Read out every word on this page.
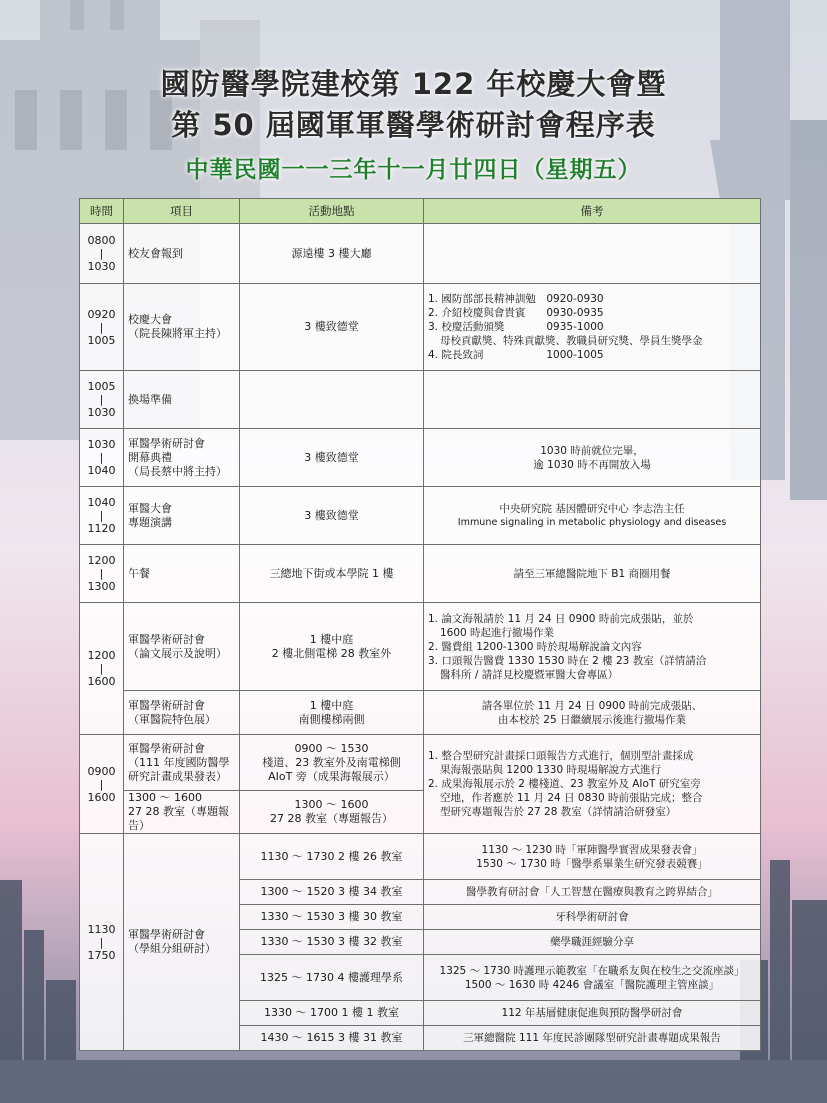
國防醫學院建校第 122 年校慶大會暨
第 50 屆國軍軍醫學術研討會程序表
中華民國一一三年十一月廿四日（星期五）
時間	項目	活動地點	備考

0800
|
1030	校友會報到	源遠樓 3 樓大廳	

0920
|
1005	校慶大會
（院長陳將軍主持）	3 樓致德堂	1. 國防部部長精神訓勉　0920-0930
2. 介紹校慶與會貴賓　　0930-0935
3. 校慶活動頒獎　　　　0935-1000
母校貢獻獎、特殊貢獻獎、教職員研究獎、學員生獎學金
4. 院長致詞　　　　　　1000-1005

1005
|
1030	換場準備		

1030
|
1040	軍醫學術研討會
開幕典禮
（局長蔡中將主持）	3 樓致德堂	1030 時前就位完畢，
逾 1030 時不再開放入場

1040
|
1120	軍醫大會
專題演講	3 樓致德堂	中央研究院 基因體研究中心 李志浩主任
Immune signaling in metabolic physiology and diseases

1200
|
1300	午餐	三總地下街或本學院 1 樓	請至三軍總醫院地下 B1 商圈用餐

1200
|
1600	軍醫學術研討會
（論文展示及說明）	1 樓中庭
2 樓北側電梯 28 教室外	1. 論文海報請於 11 月 24 日 0900 時前完成張貼，並於
1600 時起進行撤場作業
2. 醫費組 1200-1300 時於現場解說論文內容
3. 口頭報告醫費 1330 1530 時在 2 樓 23 教室（詳情請洽
醫科所 / 請詳見校慶暨軍醫大會專區）

	軍醫學術研討會
（軍醫院特色展）	1 樓中庭
南側樓梯兩側	請各單位於 11 月 24 日 0900 時前完成張貼、
由本校於 25 日繼續展示後進行撤場作業

0900
|
1600	軍醫學術研討會
（111 年度國防醫學
研究計畫成果發表）	0900 ～ 1530
棧道、23 教室外及南電梯側
AIoT 旁（成果海報展示）	1. 整合型研究計畫採口頭報告方式進行，個別型計畫採成
果海報張貼與 1200 1330 時現場解說方式進行
2. 成果海報展示於 2 樓棧道、23 教室外及 AIoT 研究室旁
空地，作者應於 11 月 24 日 0830 時前張貼完成；整合
型研究專題報告於 27 28 教室（詳情請洽研發室）

	1300 ～ 1600
27 28 教室（專題報告）	1300 ～ 1600
27 28 教室（專題報告）	

1130
|
1750	軍醫學術研討會
（學組分組研討）	1130 ～ 1730 2 樓 26 教室	1130 ～ 1230 時「軍陣醫學實習成果發表會」
1530 ～ 1730 時「醫學系畢業生研究發表競賽」

		1300 ～ 1520 3 樓 34 教室	醫學教育研討會「人工智慧在醫療與教育之跨界結合」
		1330 ～ 1530 3 樓 30 教室	牙科學術研討會
		1330 ～ 1530 3 樓 32 教室	藥學職涯經驗分享
		1325 ～ 1730 4 樓護理學系	1325 ～ 1730 時護理示範教室「在職系友與在校生之交流座談」
1500 ～ 1630 時 4246 會議室「醫院護理主管座談」

		1330 ～ 1700 1 樓 1 教室	112 年基層健康促進與預防醫學研討會
		1430 ～ 1615 3 樓 31 教室	三軍總醫院 111 年度民診團隊型研究計畫專題成果報告
